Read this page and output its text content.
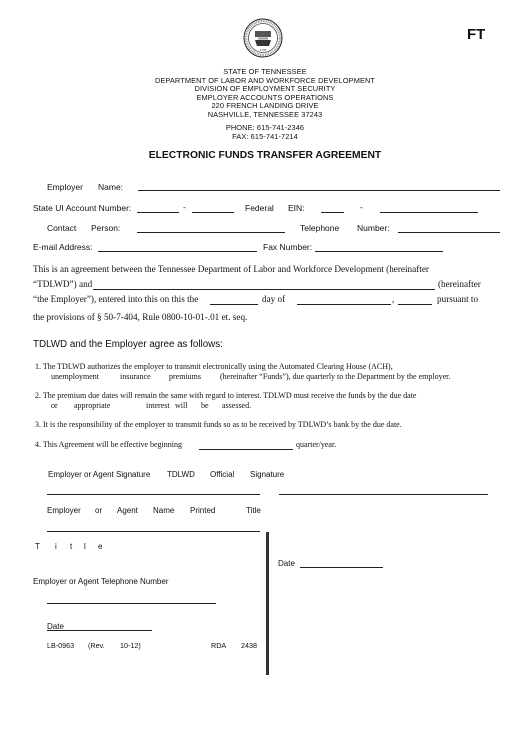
1796
FT
STATE OF TENNESSEE
DEPARTMENT OF LABOR AND WORKFORCE DEVELOPMENT
DIVISION OF EMPLOYMENT SECURITY
EMPLOYER ACCOUNTS OPERATIONS
220 FRENCH LANDING DRIVE
NASHVILLE, TENNESSEE 37243
PHONE: 615-741-2346
FAX: 615-741-7214
ELECTRONIC FUNDS TRANSFER AGREEMENT
Employer Name:
State UI Account Number:	-	Federal EIN:	-
Contact Person:	Telephone Number:
E-mail Address:	Fax Number:
This is an agreement between the Tennessee Department of Labor and Workforce Development (hereinafter
“TDLWD”) and	(hereinafter
“the Employer”), entered into this on this the	day of	,	pursuant to
the provisions of § 50-7-404, Rule 0800-10-01-.01 et. seq.
TDLWD and the Employer agree as follows:
1. The TDLWD authorizes the employer to transmit electronically using the Automated Clearing House (ACH),
unemployment	insurance premiums (hereinafter “Funds”), due quarterly to the Department by the employer.
2. The premium due dates will remain the same with regard to interest. TDLWD must receive the funds by the due date
or appropriate	interest will be assessed.
3. It is the responsibility of the employer to transmit funds so as to be received by TDLWD’s bank by the due date.
4. This Agreement will be effective beginning	quarter/year.
Employer or Agent Signature TDLWD Official Signature
Employer or Agent Name Printed	Title
T i t l e
Date
Employer or Agent Telephone Number
Date
LB-0963 (Rev. 10-12)	RDA 2438
